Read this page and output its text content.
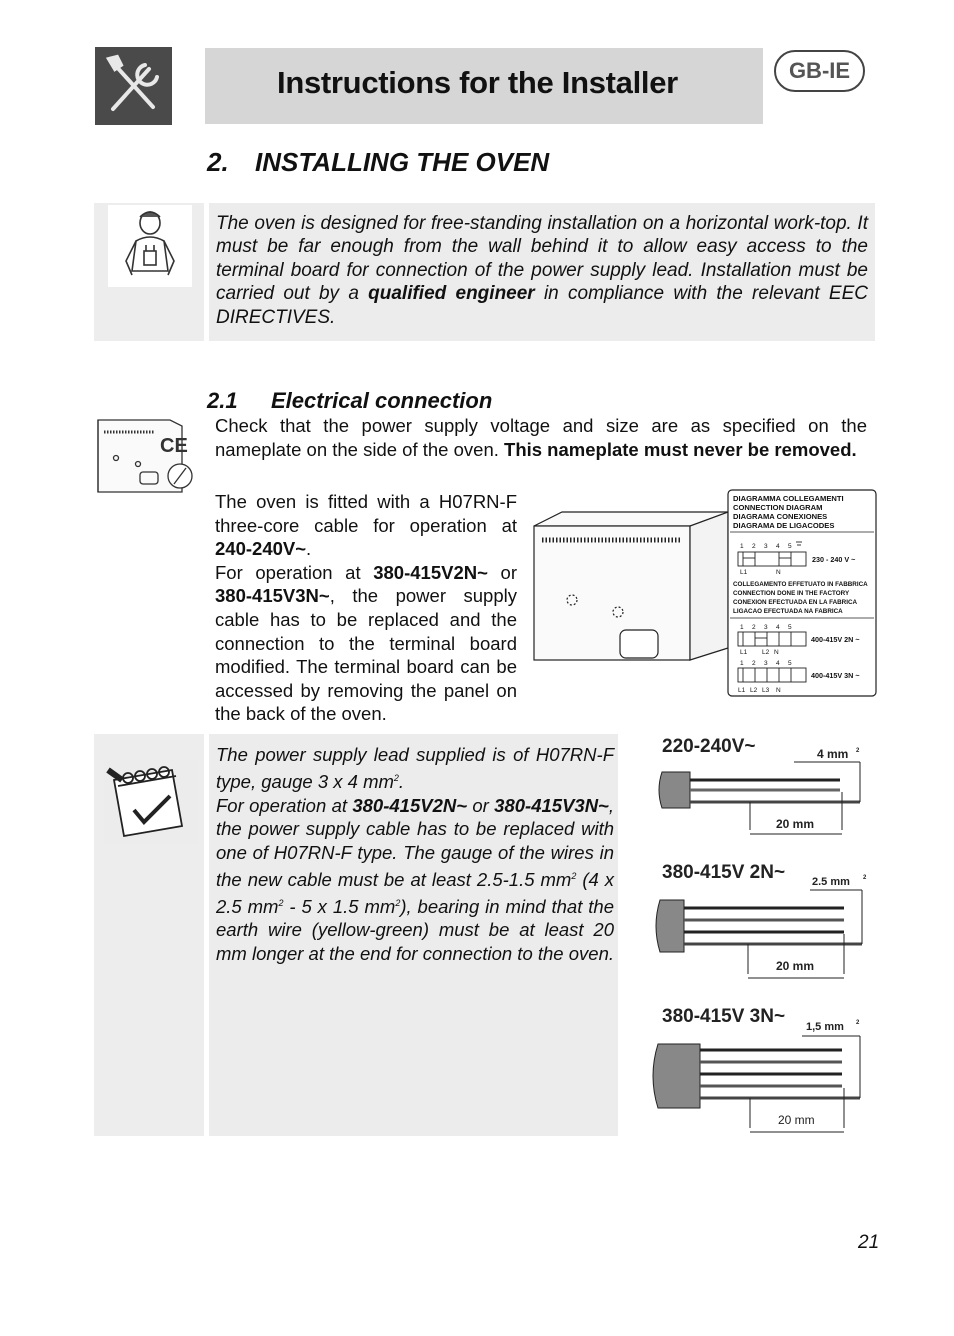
Instructions for the Installer	GB-IE
2. INSTALLING THE OVEN
The oven is designed for free-standing installation on a horizontal work-top. It must be far enough from the wall behind it to allow easy access to the terminal board for connection of the power supply lead. Installation must be carried out by a qualified engineer in compliance with the relevant EEC DIRECTIVES.
2.1 Electrical connection
CE
Check that the power supply voltage and size are as specified on the nameplate on the side of the oven. This nameplate must never be removed.
The oven is fitted with a H07RN-F three-core cable for operation at 240-240V~.
For operation at 380-415V2N~ or 380-415V3N~, the power supply cable has to be replaced and the connection to the terminal board modified. The terminal board can be accessed by removing the panel on the back of the oven.
DIAGRAMMA COLLEGAMENTI
CONNECTION DIAGRAM
DIAGRAMA CONEXIONES
DIAGRAMA DE LIGACODES
1 2 3 4 5
L1	N
230 - 240 V ~
COLLEGAMENTO EFFETUATO IN FABBRICA
CONNECTION DONE IN THE FACTORY
CONEXION EFECTUADA EN LA FABRICA
LIGACAO EFECTUADA NA FABRICA
1 2 3 4 5
L1 L2 N
400-415V 2N ~
1 2 3 4 5
L1 L2 L3 N
400-415V 3N ~
The power supply lead supplied is of H07RN-F type, gauge 3 x 4 $mm^2$.
For operation at 380-415V2N~ or 380-415V3N~, the power supply cable has to be replaced with one of H07RN-F type. The gauge of the wires in the new cable must be at least 2.5-1.5 $mm^2$ (4 x 2.5 $mm^2 - 5$ x 1.5 $mm^2$), bearing in mind that the earth wire (yellow-green) must be at least 20 mm longer at the end for connection to the oven.
220-240V~	4 mm 2
20 mm
380-415V 2N~ 2.5 mm 2
20 mm
380-415V 3N~ 1,5 mm 2
20 mm
21
